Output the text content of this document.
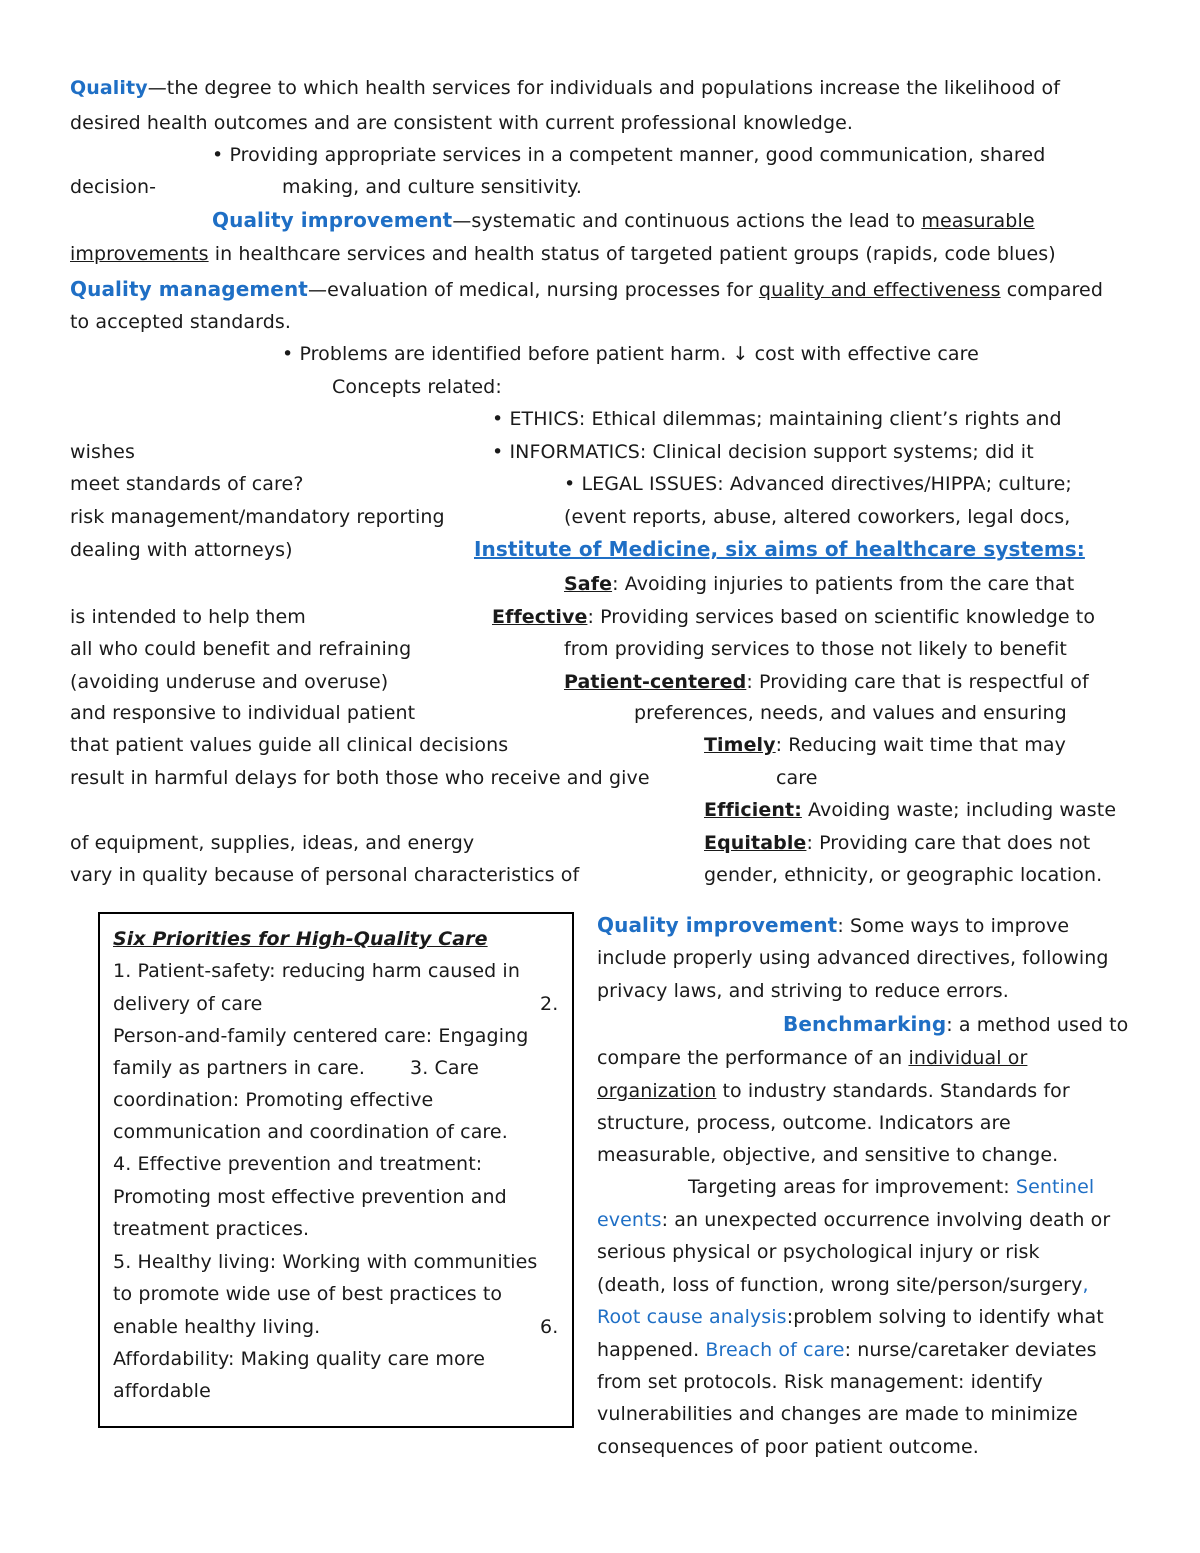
Quality—the degree to which health services for individuals and populations increase the likelihood of
desired health outcomes and are consistent with current professional knowledge.
• Providing appropriate services in a competent manner, good communication, shared
decision-	making, and culture sensitivity.
Quality improvement—systematic and continuous actions the lead to measurable
improvements in healthcare services and health status of targeted patient groups (rapids, code blues)
Quality management—evaluation of medical, nursing processes for quality and effectiveness compared
to accepted standards.
• Problems are identified before patient harm. ↓ cost with effective care
Concepts related:
• ETHICS: Ethical dilemmas; maintaining client’s rights and
wishes	• INFORMATICS: Clinical decision support systems; did it
meet standards of care?	• LEGAL ISSUES: Advanced directives/HIPPA; culture;
risk management/mandatory reporting	(event reports, abuse, altered coworkers, legal docs,
dealing with attorneys)	Institute of Medicine, six aims of healthcare systems:
Safe: Avoiding injuries to patients from the care that
is intended to help them	Effective: Providing services based on scientific knowledge to
all who could benefit and refraining	from providing services to those not likely to benefit
(avoiding underuse and overuse)	Patient-centered: Providing care that is respectful of
and responsive to individual patient	preferences, needs, and values and ensuring
that patient values guide all clinical decisions	Timely: Reducing wait time that may
result in harmful delays for both those who receive and give	care
Efficient: Avoiding waste; including waste
of equipment, supplies, ideas, and energy	Equitable: Providing care that does not
vary in quality because of personal characteristics of	gender, ethnicity, or geographic location.
Six Priorities for High-Quality Care
1. Patient-safety: reducing harm caused in
delivery of care	2.
Person-and-family centered care: Engaging
family as partners in care. 3. Care
coordination: Promoting effective
communication and coordination of care.
4. Effective prevention and treatment:
Promoting most effective prevention and
treatment practices.
5. Healthy living: Working with communities
to promote wide use of best practices to
enable healthy living.	6.
Affordability: Making quality care more
affordable
Quality improvement: Some ways to improve
include properly using advanced directives, following
privacy laws, and striving to reduce errors.
Benchmarking: a method used to
compare the performance of an individual or
organization to industry standards. Standards for
structure, process, outcome. Indicators are
measurable, objective, and sensitive to change.
Targeting areas for improvement: Sentinel
events: an unexpected occurrence involving death or
serious physical or psychological injury or risk
(death, loss of function, wrong site/person/surgery,
Root cause analysis:problem solving to identify what
happened. Breach of care: nurse/caretaker deviates
from set protocols. Risk management: identify
vulnerabilities and changes are made to minimize
consequences of poor patient outcome.
